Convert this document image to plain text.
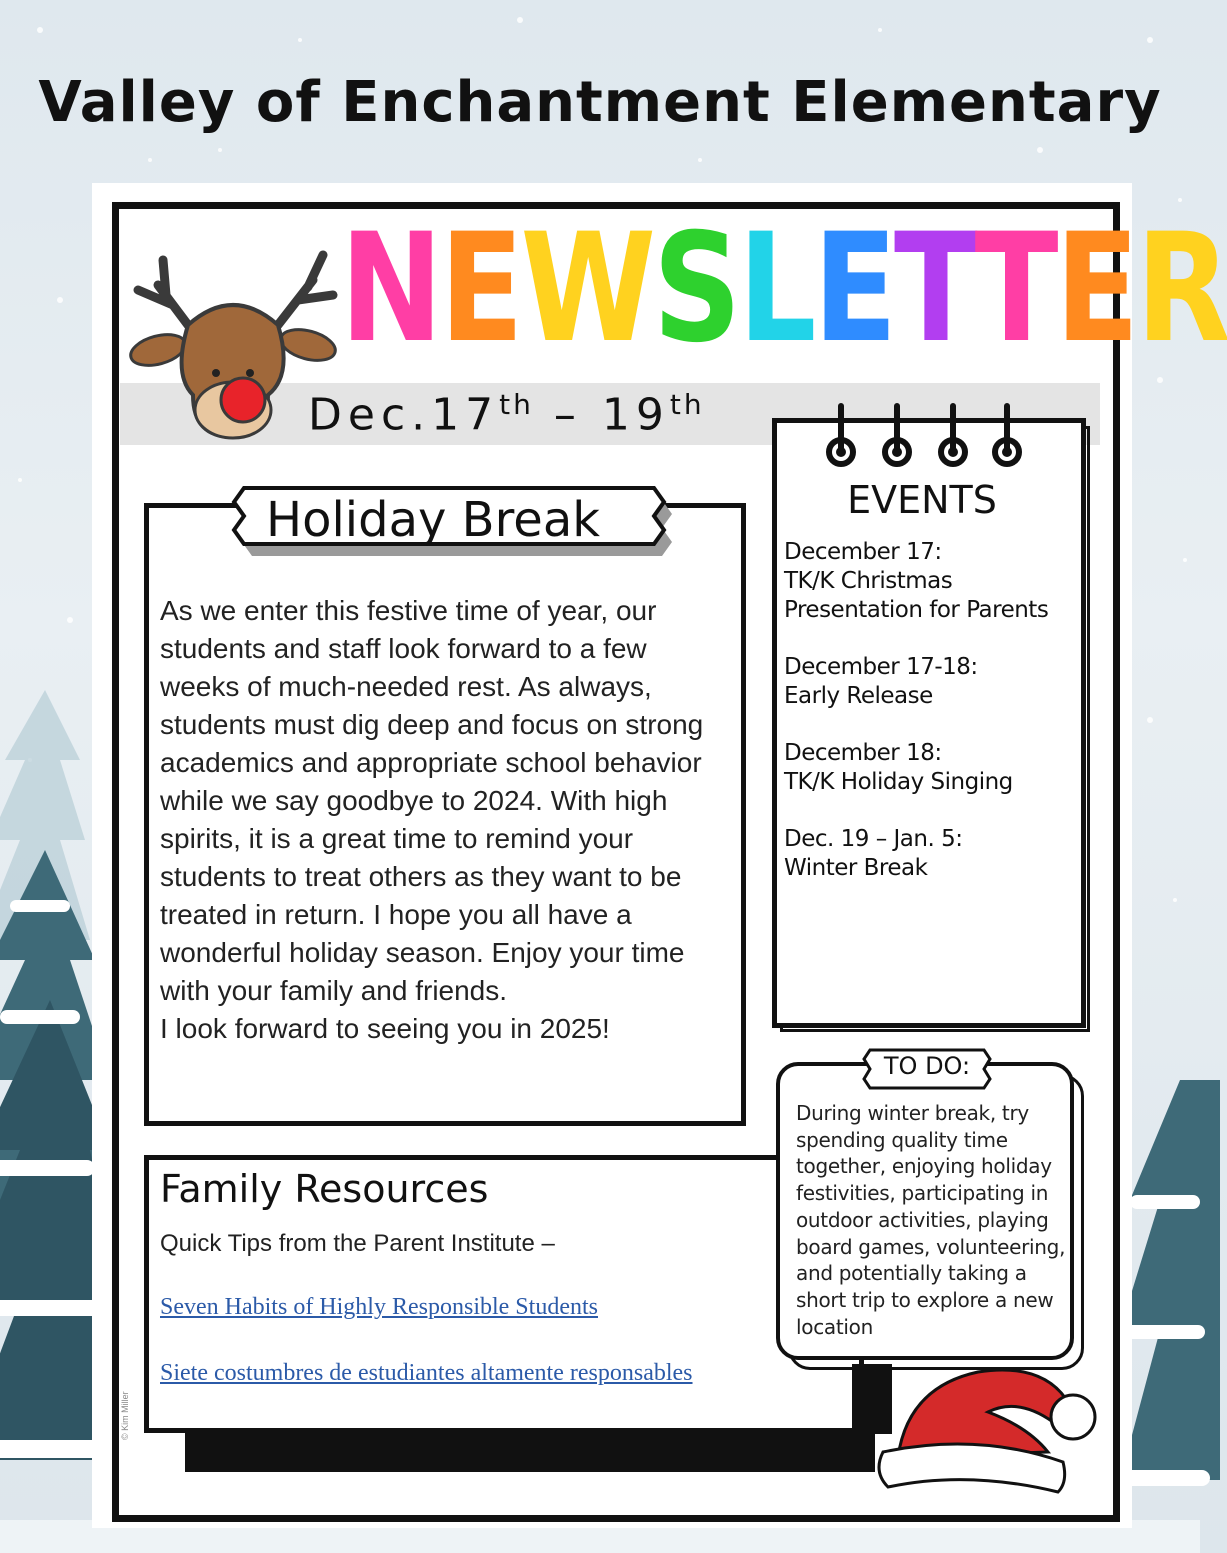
Valley of Enchantment Elementary
Dec.17th – 19th
NEWSLETTER
Holiday Break

As we enter this festive time of year, our students and staff look forward to a few weeks of much-needed rest. As always, students must dig deep and focus on strong academics and appropriate school behavior while we say goodbye to 2024. With high spirits, it is a great time to remind your students to treat others as they want to be treated in return. I hope you all have a wonderful holiday season. Enjoy your time with your family and friends.

I look forward to seeing you in 2025!

Family Resources
Quick Tips from the Parent Institute –
Seven Habits of Highly Responsible Students
Siete costumbres de estudiantes altamente responsables
© Kim Miller
EVENTS
December 17:
TK/K Christmas Presentation for Parents
December 17-18:
Early Release
December 18:
TK/K Holiday Singing
Dec. 19 – Jan. 5:
Winter Break
TO DO:
During winter break, try spending quality time together, enjoying holiday festivities, participating in outdoor activities, playing board games, volunteering, and potentially taking a short trip to explore a new location
